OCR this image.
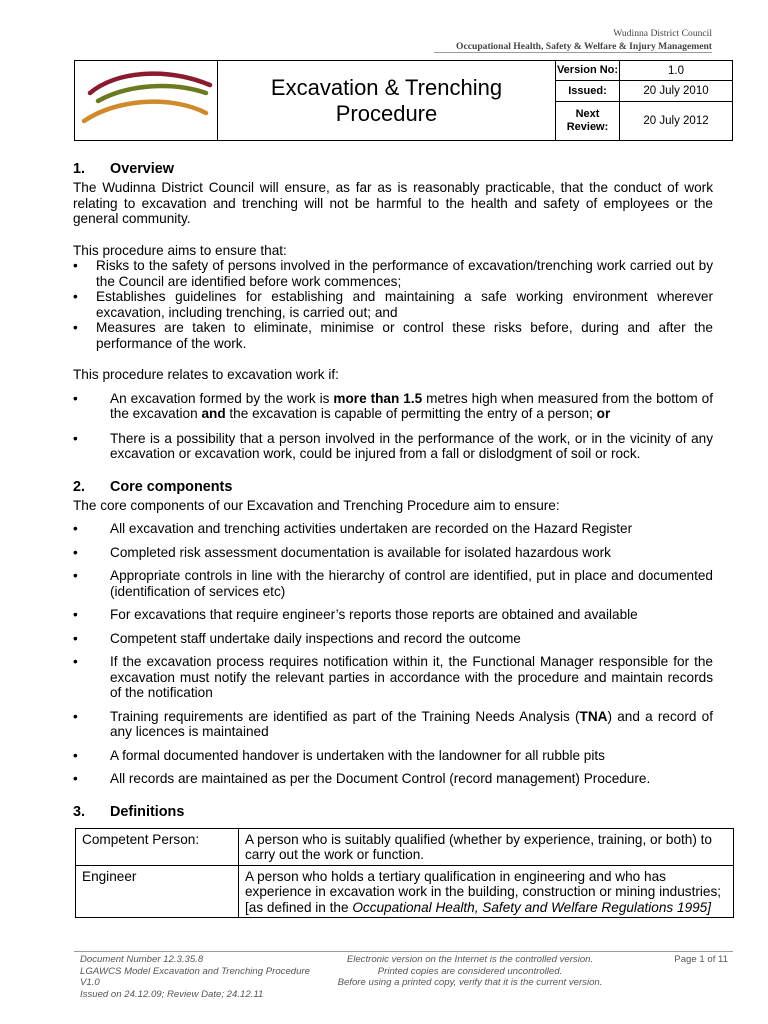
Wudinna District Council
Occupational Health, Safety & Welfare & Injury Management

Excavation & Trenching
Procedure	Version No:	1.0
		Issued:	20 July 2010
		Next Review:	20 July 2012
1. Overview

The Wudinna District Council will ensure, as far as is reasonably practicable, that the conduct of work relating to excavation and trenching will not be harmful to the health and safety of employees or the general community.

This procedure aims to ensure that:

• Risks to the safety of persons involved in the performance of excavation/trenching work carried out by the Council are identified before work commences;
• Establishes guidelines for establishing and maintaining a safe working environment wherever excavation, including trenching, is carried out; and
• Measures are taken to eliminate, minimise or control these risks before, during and after the performance of the work.

This procedure relates to excavation work if:

• An excavation formed by the work is more than 1.5 metres high when measured from the bottom of the excavation and the excavation is capable of permitting the entry of a person; or
• There is a possibility that a person involved in the performance of the work, or in the vicinity of any excavation or excavation work, could be injured from a fall or dislodgment of soil or rock.
2. Core components

The core components of our Excavation and Trenching Procedure aim to ensure:

• All excavation and trenching activities undertaken are recorded on the Hazard Register
• Completed risk assessment documentation is available for isolated hazardous work
• Appropriate controls in line with the hierarchy of control are identified, put in place and documented (identification of services etc)
• For excavations that require engineer’s reports those reports are obtained and available
• Competent staff undertake daily inspections and record the outcome
• If the excavation process requires notification within it, the Functional Manager responsible for the excavation must notify the relevant parties in accordance with the procedure and maintain records of the notification
• Training requirements are identified as part of the Training Needs Analysis (TNA) and a record of any licences is maintained
• A formal documented handover is undertaken with the landowner for all rubble pits
• All records are maintained as per the Document Control (record management) Procedure.
3. Definitions
Competent Person:	A person who is suitably qualified (whether by experience, training, or both) to carry out the work or function.
Engineer	A person who holds a tertiary qualification in engineering and who has experience in excavation work in the building, construction or mining industries; [as defined in the Occupational Health, Safety and Welfare Regulations 1995]
Document Number 12.3.35.8
LGAWCS Model Excavation and Trenching Procedure V1.0
Issued on 24.12.09; Review Date; 24.12.11
Electronic version on the Internet is the controlled version.
Printed copies are considered uncontrolled.
Before using a printed copy, verify that it is the current version.
Page 1 of 11
